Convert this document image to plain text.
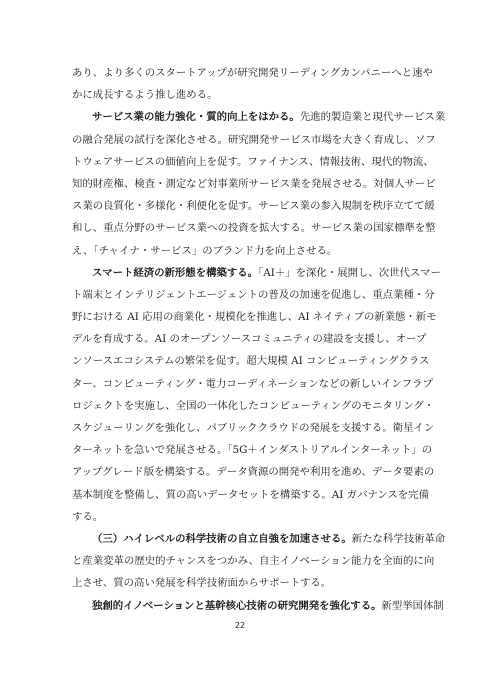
あり、より多くのスタートアップが研究開発リーディングカンパニーへと速や
かに成長するよう推し進める。
サービス業の能力強化・質的向上をはかる。先進的製造業と現代サービス業
の融合発展の試行を深化させる。研究開発サービス市場を大きく育成し、ソフ
トウェアサービスの価値向上を促す。ファイナンス、情報技術、現代的物流、
知的財産権、検査・測定など対事業所サービス業を発展させる。対個人サービ
ス業の良質化・多様化・利便化を促す。サービス業の参入規制を秩序立てて緩
和し、重点分野のサービス業への投資を拡大する。サービス業の国家標準を整
え、「チャイナ・サービス」のブランド力を向上させる。
スマート経済の新形態を構築する。「AI＋」を深化・展開し、次世代スマー
ト端末とインテリジェントエージェントの普及の加速を促進し、重点業種・分
野における AI 応用の商業化・規模化を推進し、AI ネイティブの新業態・新モ
デルを育成する。AI のオープンソースコミュニティの建設を支援し、オープ
ンソースエコシステムの繁栄を促す。超大規模 AI コンピューティングクラス
ター、コンピューティング・電力コーディネーションなどの新しいインフラプ
ロジェクトを実施し、全国の一体化したコンピューティングのモニタリング・
スケジューリングを強化し、パブリッククラウドの発展を支援する。衛星イン
ターネットを急いで発展させる。「5G＋インダストリアルインターネット」の
アップグレード版を構築する。データ資源の開発や利用を進め、データ要素の
基本制度を整備し、質の高いデータセットを構築する。AI ガバナンスを完備
する。
（三）ハイレベルの科学技術の自立自強を加速させる。新たな科学技術革命
と産業変革の歴史的チャンスをつかみ、自主イノベーション能力を全面的に向
上させ、質の高い発展を科学技術面からサポートする。
独創的イノベーションと基幹核心技術の研究開発を強化する。新型挙国体制
22
